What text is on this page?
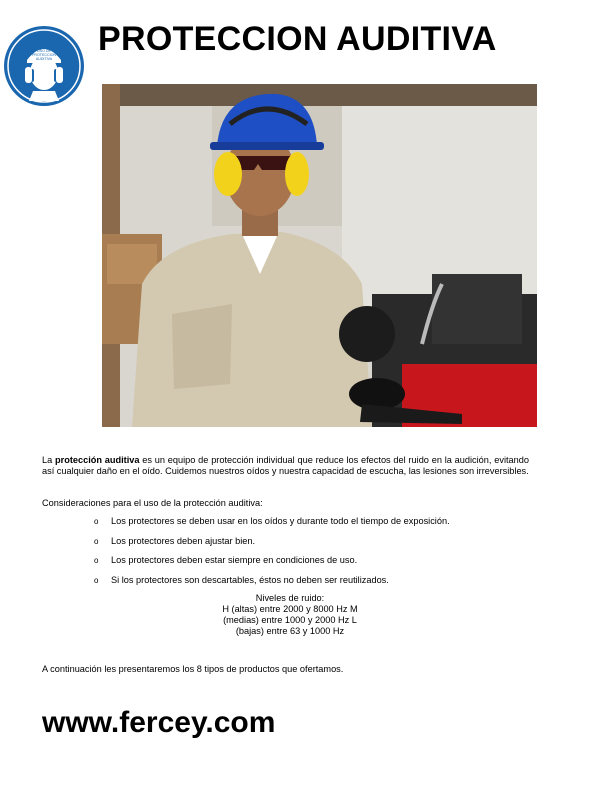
USO DE
PROTECCION
AUDITIVA
PROTECCION AUDITIVA
La protección auditiva es un equipo de protección individual que reduce los efectos del ruido en la audición, evitando así cualquier daño en el oído. Cuidemos nuestros oídos y nuestra capacidad de escucha, las lesiones son irreversibles.
Consideraciones para el uso de la protección auditiva:
o Los protectores se deben usar en los oídos y durante todo el tiempo de exposición.
o Los protectores deben ajustar bien.
o Los protectores deben estar siempre en condiciones de uso.
o Si los protectores son descartables, éstos no deben ser reutilizados.
Niveles de ruido:
H (altas) entre 2000 y 8000 Hz M
(medias) entre 1000 y 2000 Hz L
(bajas) entre 63 y 1000 Hz
A continuación les presentaremos los 8 tipos de productos que ofertamos.
www.fercey.com
